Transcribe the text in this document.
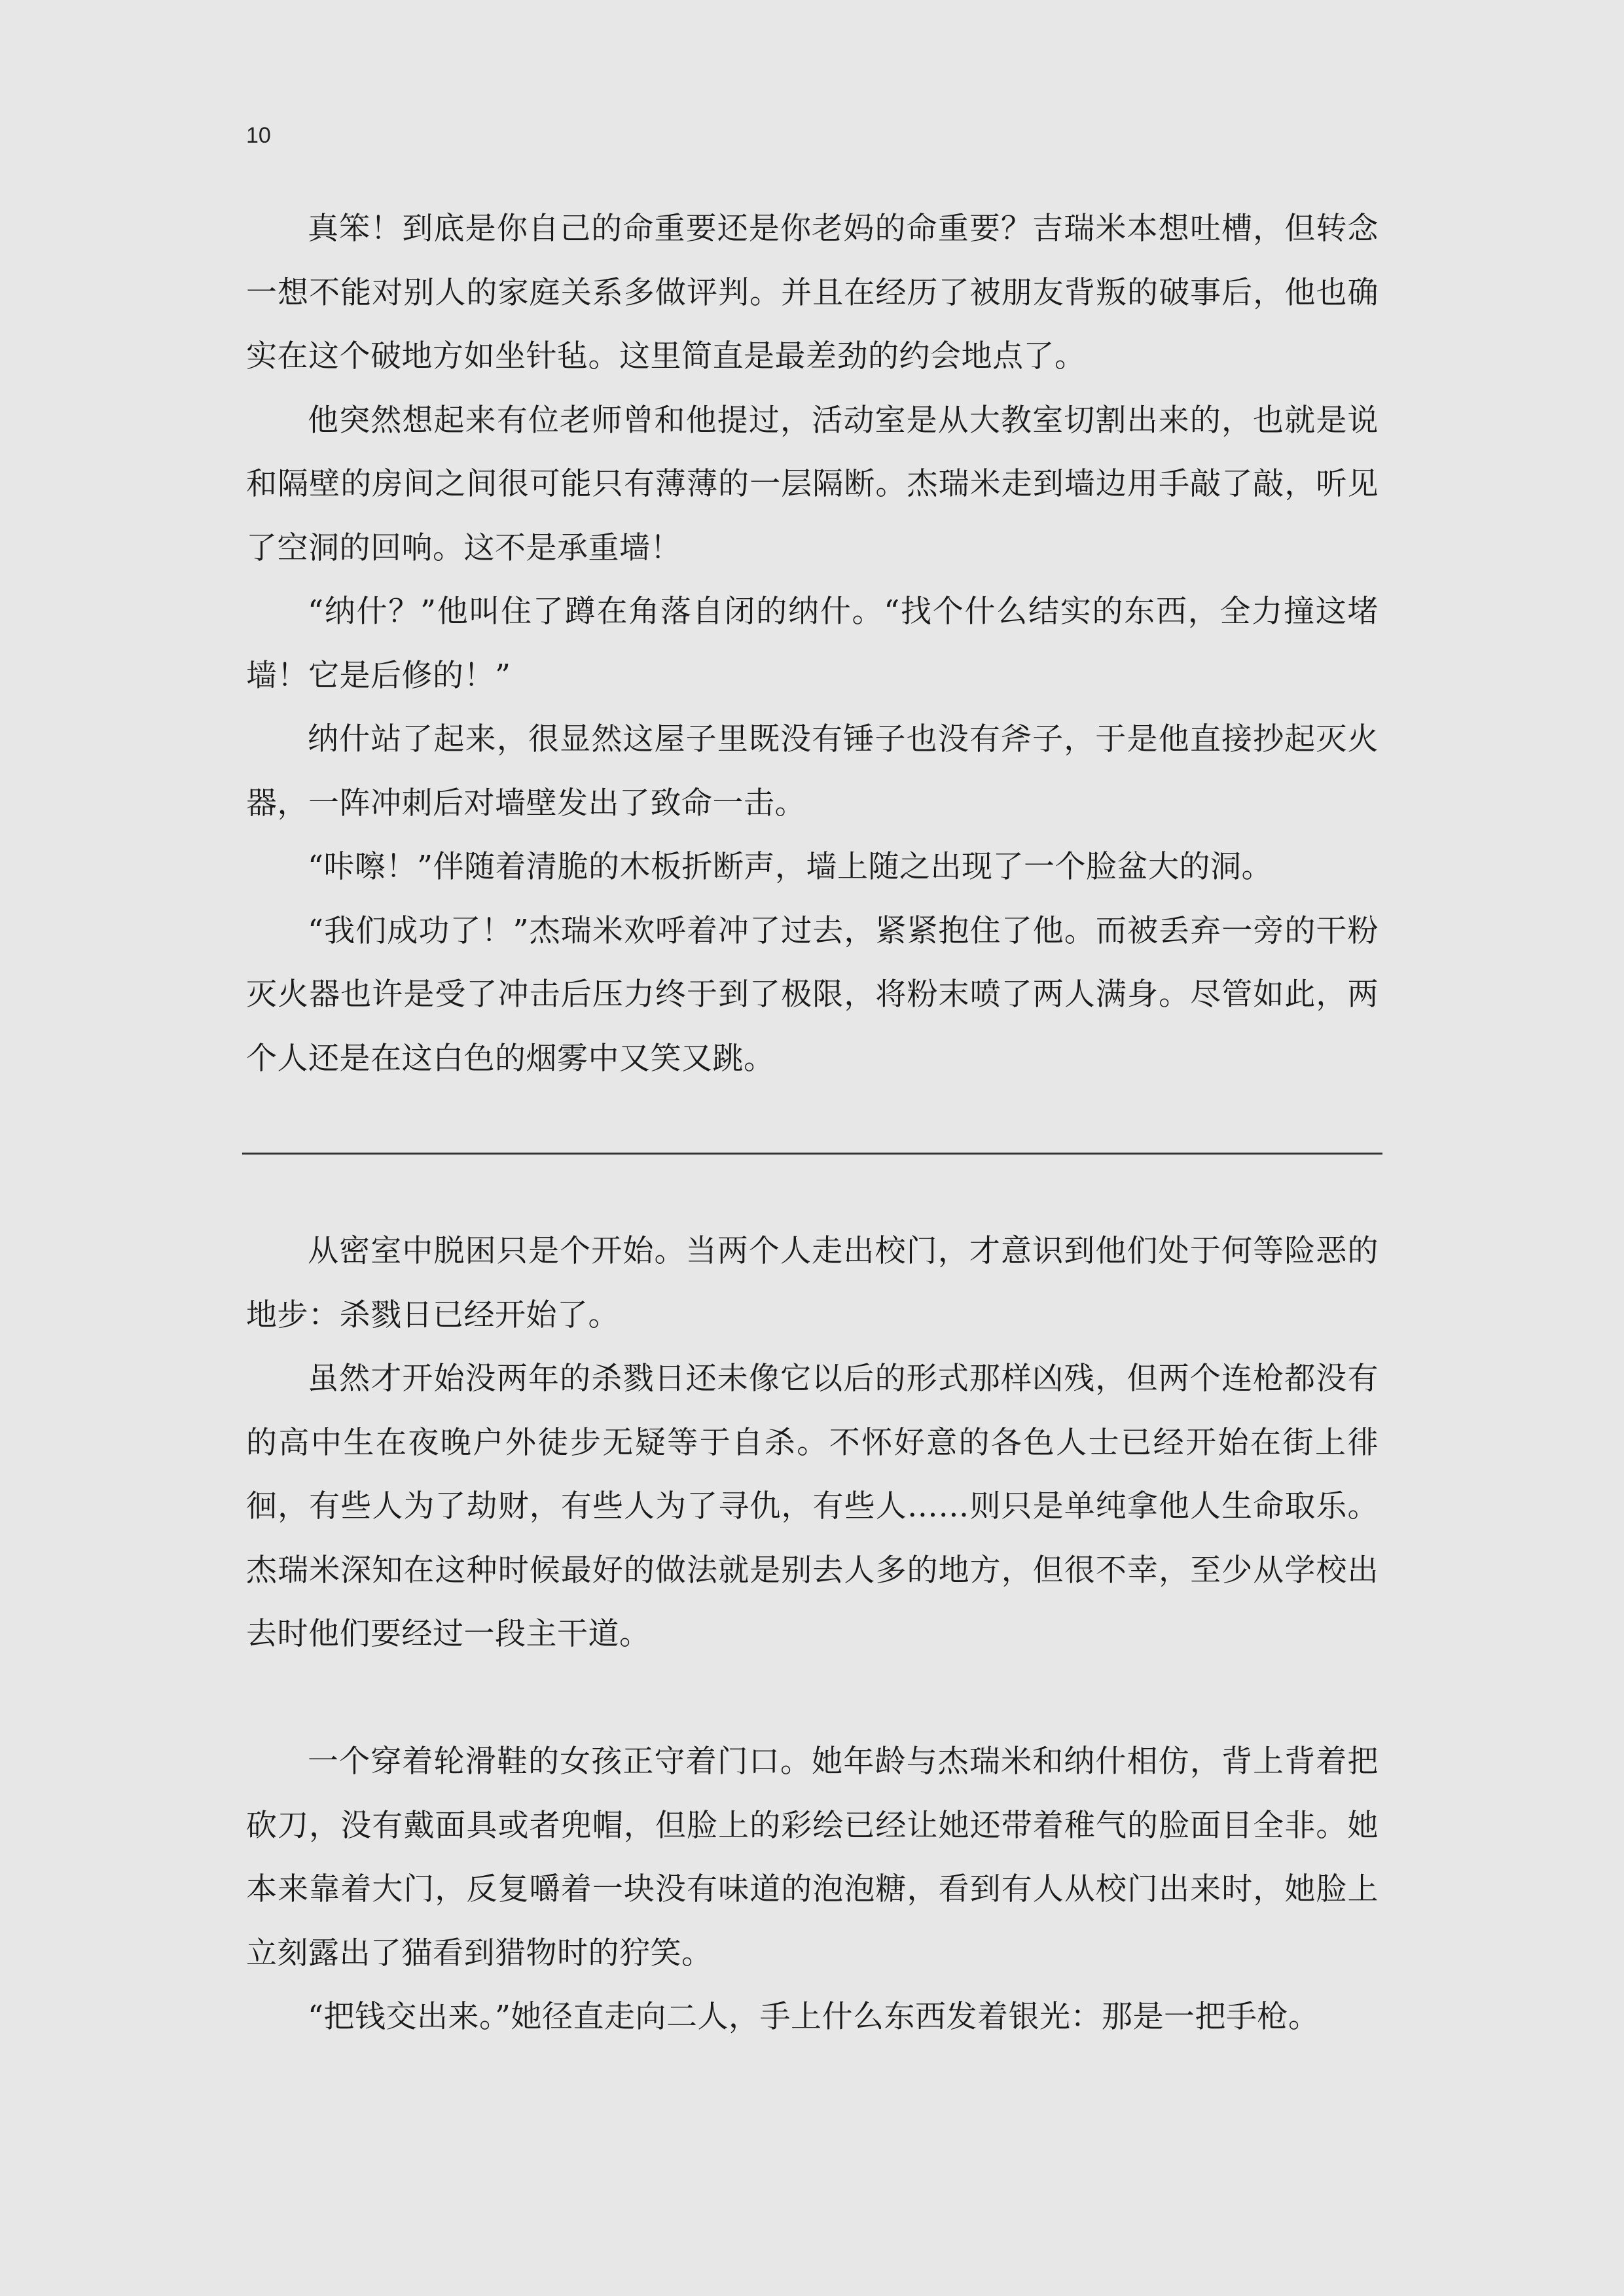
10

真笨！到底是你自己的命重要还是你老妈的命重要？吉瑞米本想吐槽，但转念一想不能对别人的家庭关系多做评判。并且在经历了被朋友背叛的破事后，他也确实在这个破地方如坐针毡。这里简直是最差劲的约会地点了。

他突然想起来有位老师曾和他提过，活动室是从大教室切割出来的，也就是说和隔壁的房间之间很可能只有薄薄的一层隔断。杰瑞米走到墙边用手敲了敲，听见了空洞的回响。这不是承重墙！

“纳什？”他叫住了蹲在角落自闭的纳什。“找个什么结实的东西，全力撞这堵墙！它是后修的！”

纳什站了起来，很显然这屋子里既没有锤子也没有斧子，于是他直接抄起灭火器，一阵冲刺后对墙壁发出了致命一击。

“咔嚓！”伴随着清脆的木板折断声，墙上随之出现了一个脸盆大的洞。

“我们成功了！”杰瑞米欢呼着冲了过去，紧紧抱住了他。而被丢弃一旁的干粉灭火器也许是受了冲击后压力终于到了极限，将粉末喷了两人满身。尽管如此，两个人还是在这白色的烟雾中又笑又跳。

从密室中脱困只是个开始。当两个人走出校门，才意识到他们处于何等险恶的地步：杀戮日已经开始了。

虽然才开始没两年的杀戮日还未像它以后的形式那样凶残，但两个连枪都没有的高中生在夜晚户外徒步无疑等于自杀。不怀好意的各色人士已经开始在街上徘徊，有些人为了劫财，有些人为了寻仇，有些人……则只是单纯拿他人生命取乐。杰瑞米深知在这种时候最好的做法就是别去人多的地方，但很不幸，至少从学校出去时他们要经过一段主干道。

一个穿着轮滑鞋的女孩正守着门口。她年龄与杰瑞米和纳什相仿，背上背着把砍刀，没有戴面具或者兜帽，但脸上的彩绘已经让她还带着稚气的脸面目全非。她本来靠着大门，反复嚼着一块没有味道的泡泡糖，看到有人从校门出来时，她脸上立刻露出了猫看到猎物时的狞笑。

“把钱交出来。”她径直走向二人，手上什么东西发着银光：那是一把手枪。
